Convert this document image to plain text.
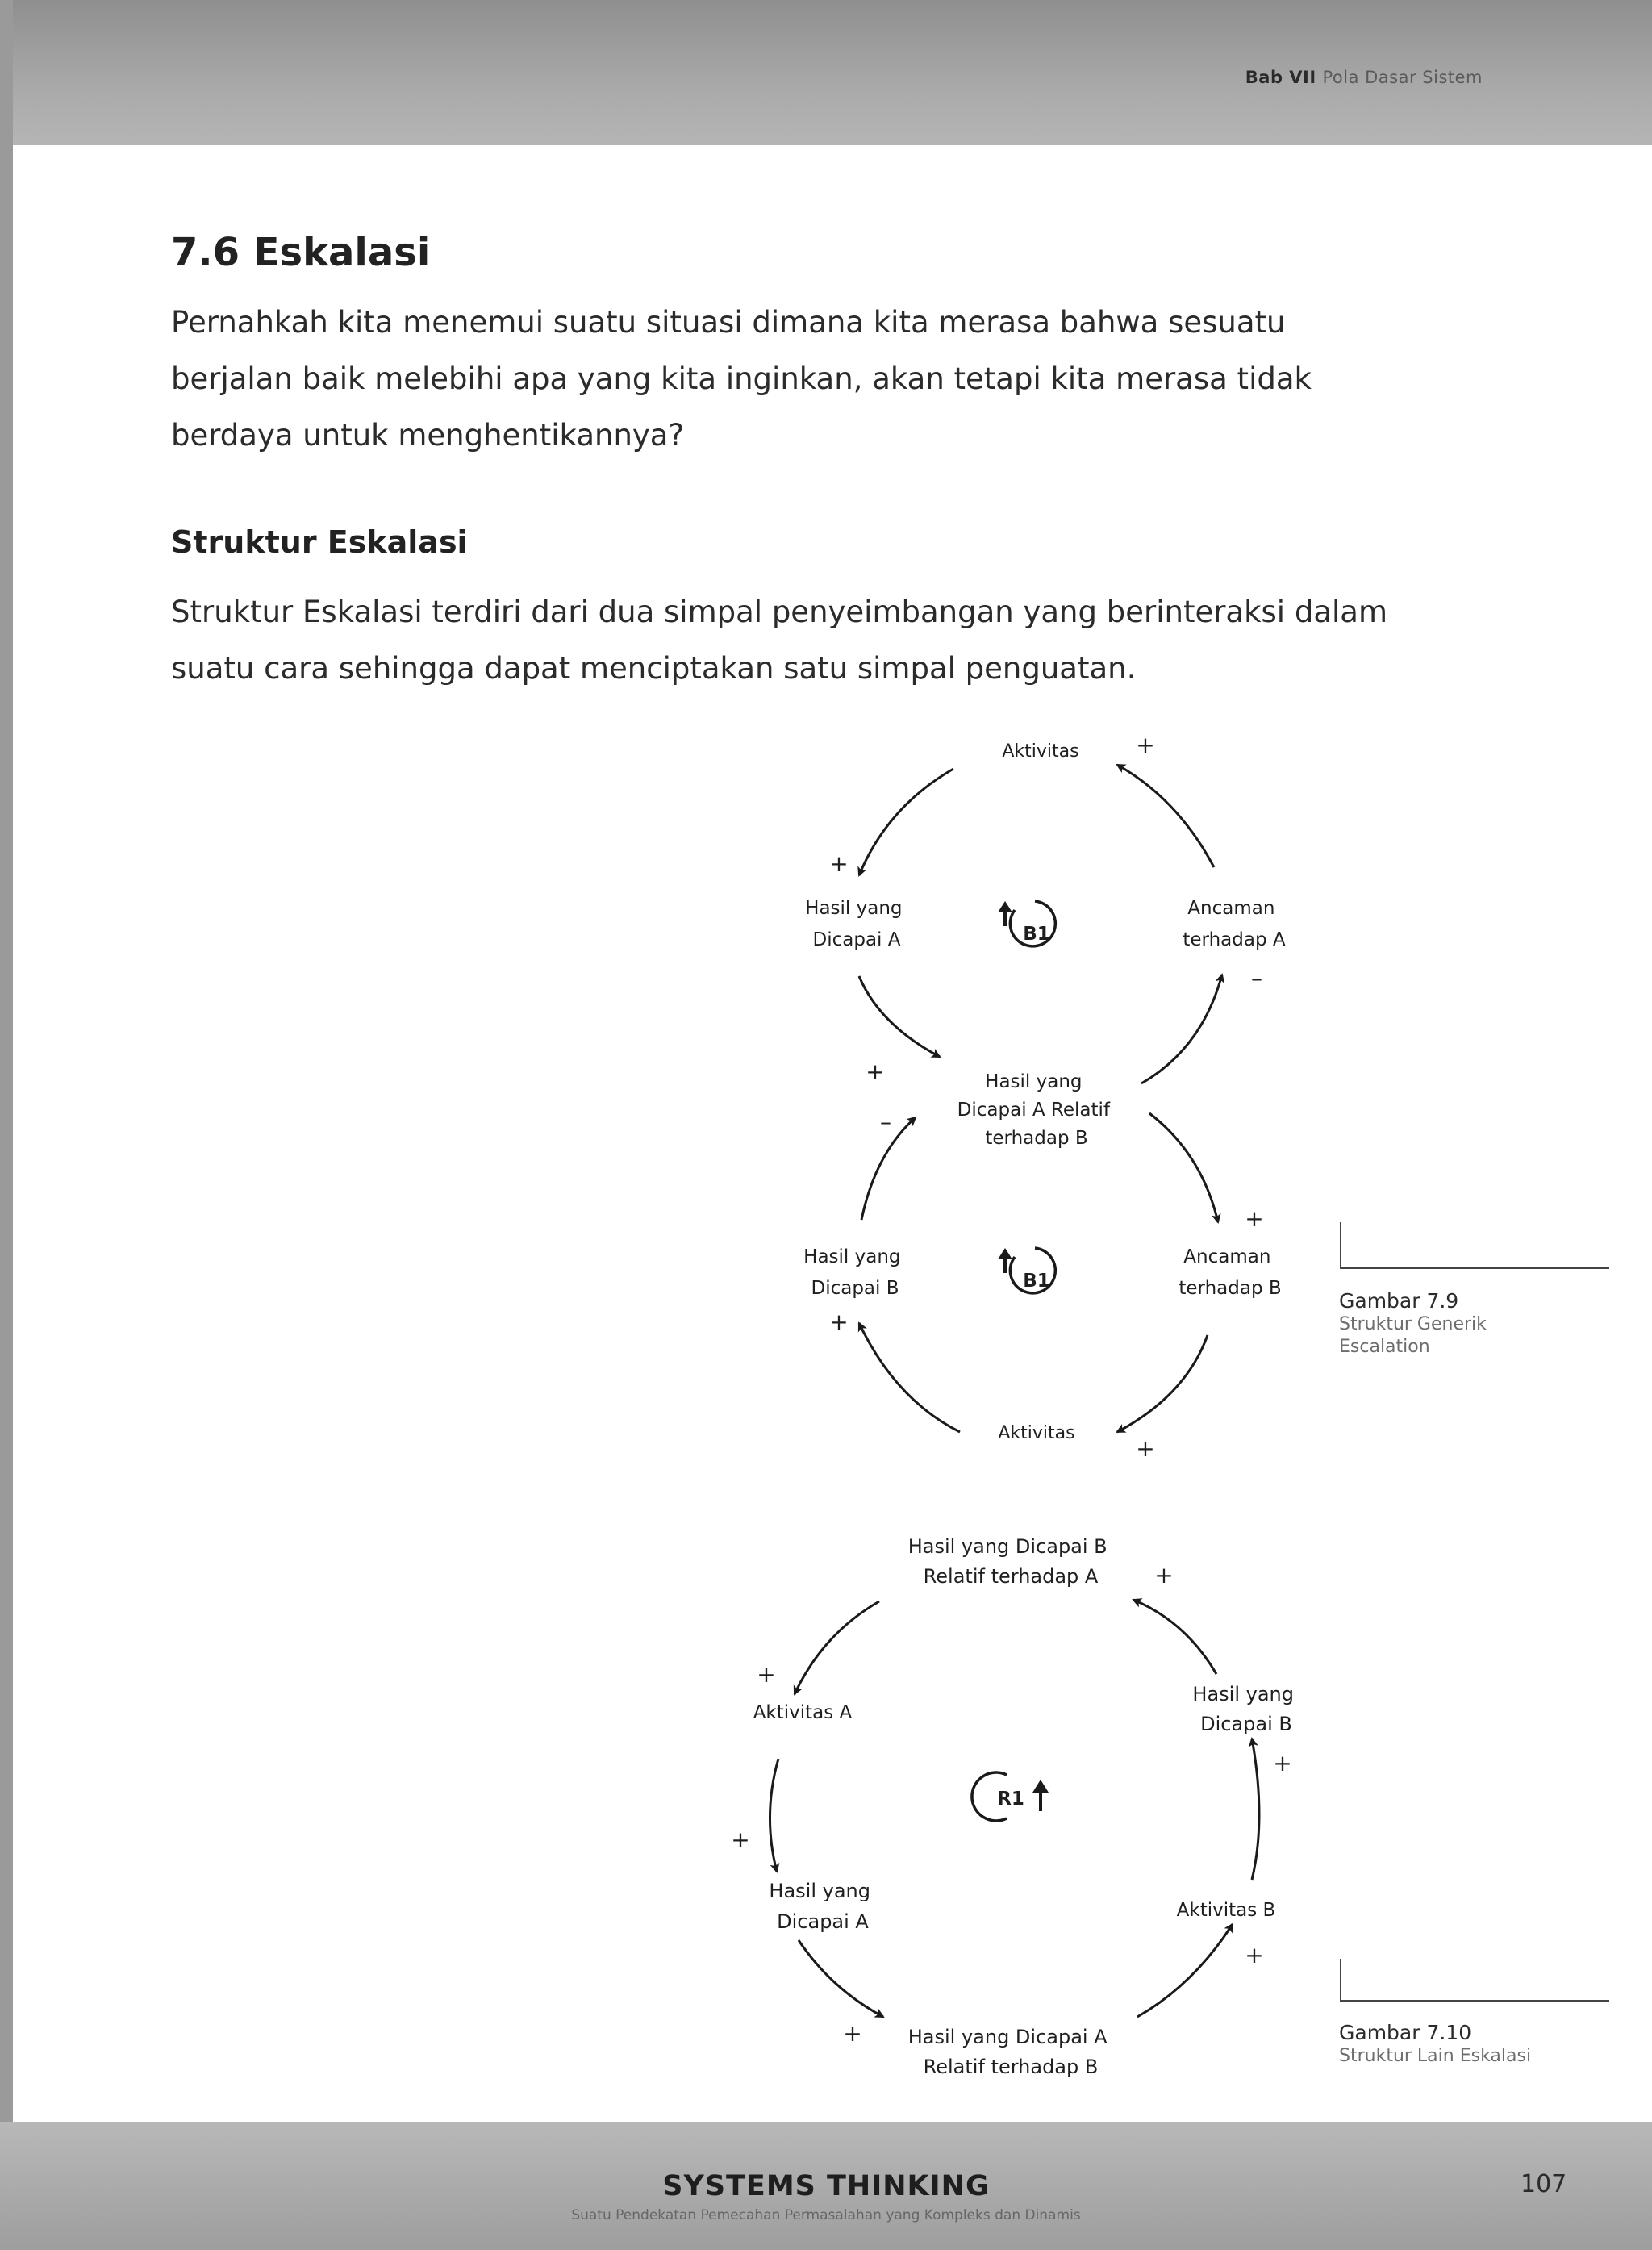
Bab VII Pola Dasar Sistem
7.6 Eskalasi

Pernahkah kita menemui suatu situasi dimana kita merasa bahwa sesuatu
berjalan baik melebihi apa yang kita inginkan, akan tetapi kita merasa tidak
berdaya untuk menghentikannya?

Struktur Eskalasi

Struktur Eskalasi terdiri dari dua simpal penyeimbangan yang berinteraksi dalam
suatu cara sehingga dapat menciptakan satu simpal penguatan.

Aktivitas
Hasil yang Dicapai A
Ancaman terhadap A
Hasil yang Dicapai A Relatif terhadap B
Hasil yang Dicapai B
Ancaman terhadap B
Aktivitas
+
+
–
+
–
+
+
+
B1
B1
Hasil yang Dicapai B Relatif terhadap A
Aktivitas A
Hasil yang Dicapai B
Hasil yang Dicapai A	Aktivitas B
Hasil yang Dicapai A Relatif terhadap B
+
+
+
+
+
+
R1
Gambar 7.9
Struktur Generik
Escalation
Gambar 7.10
Struktur Lain Eskalasi
SYSTEMS THINKING
Suatu Pendekatan Pemecahan Permasalahan yang Kompleks dan Dinamis
107
